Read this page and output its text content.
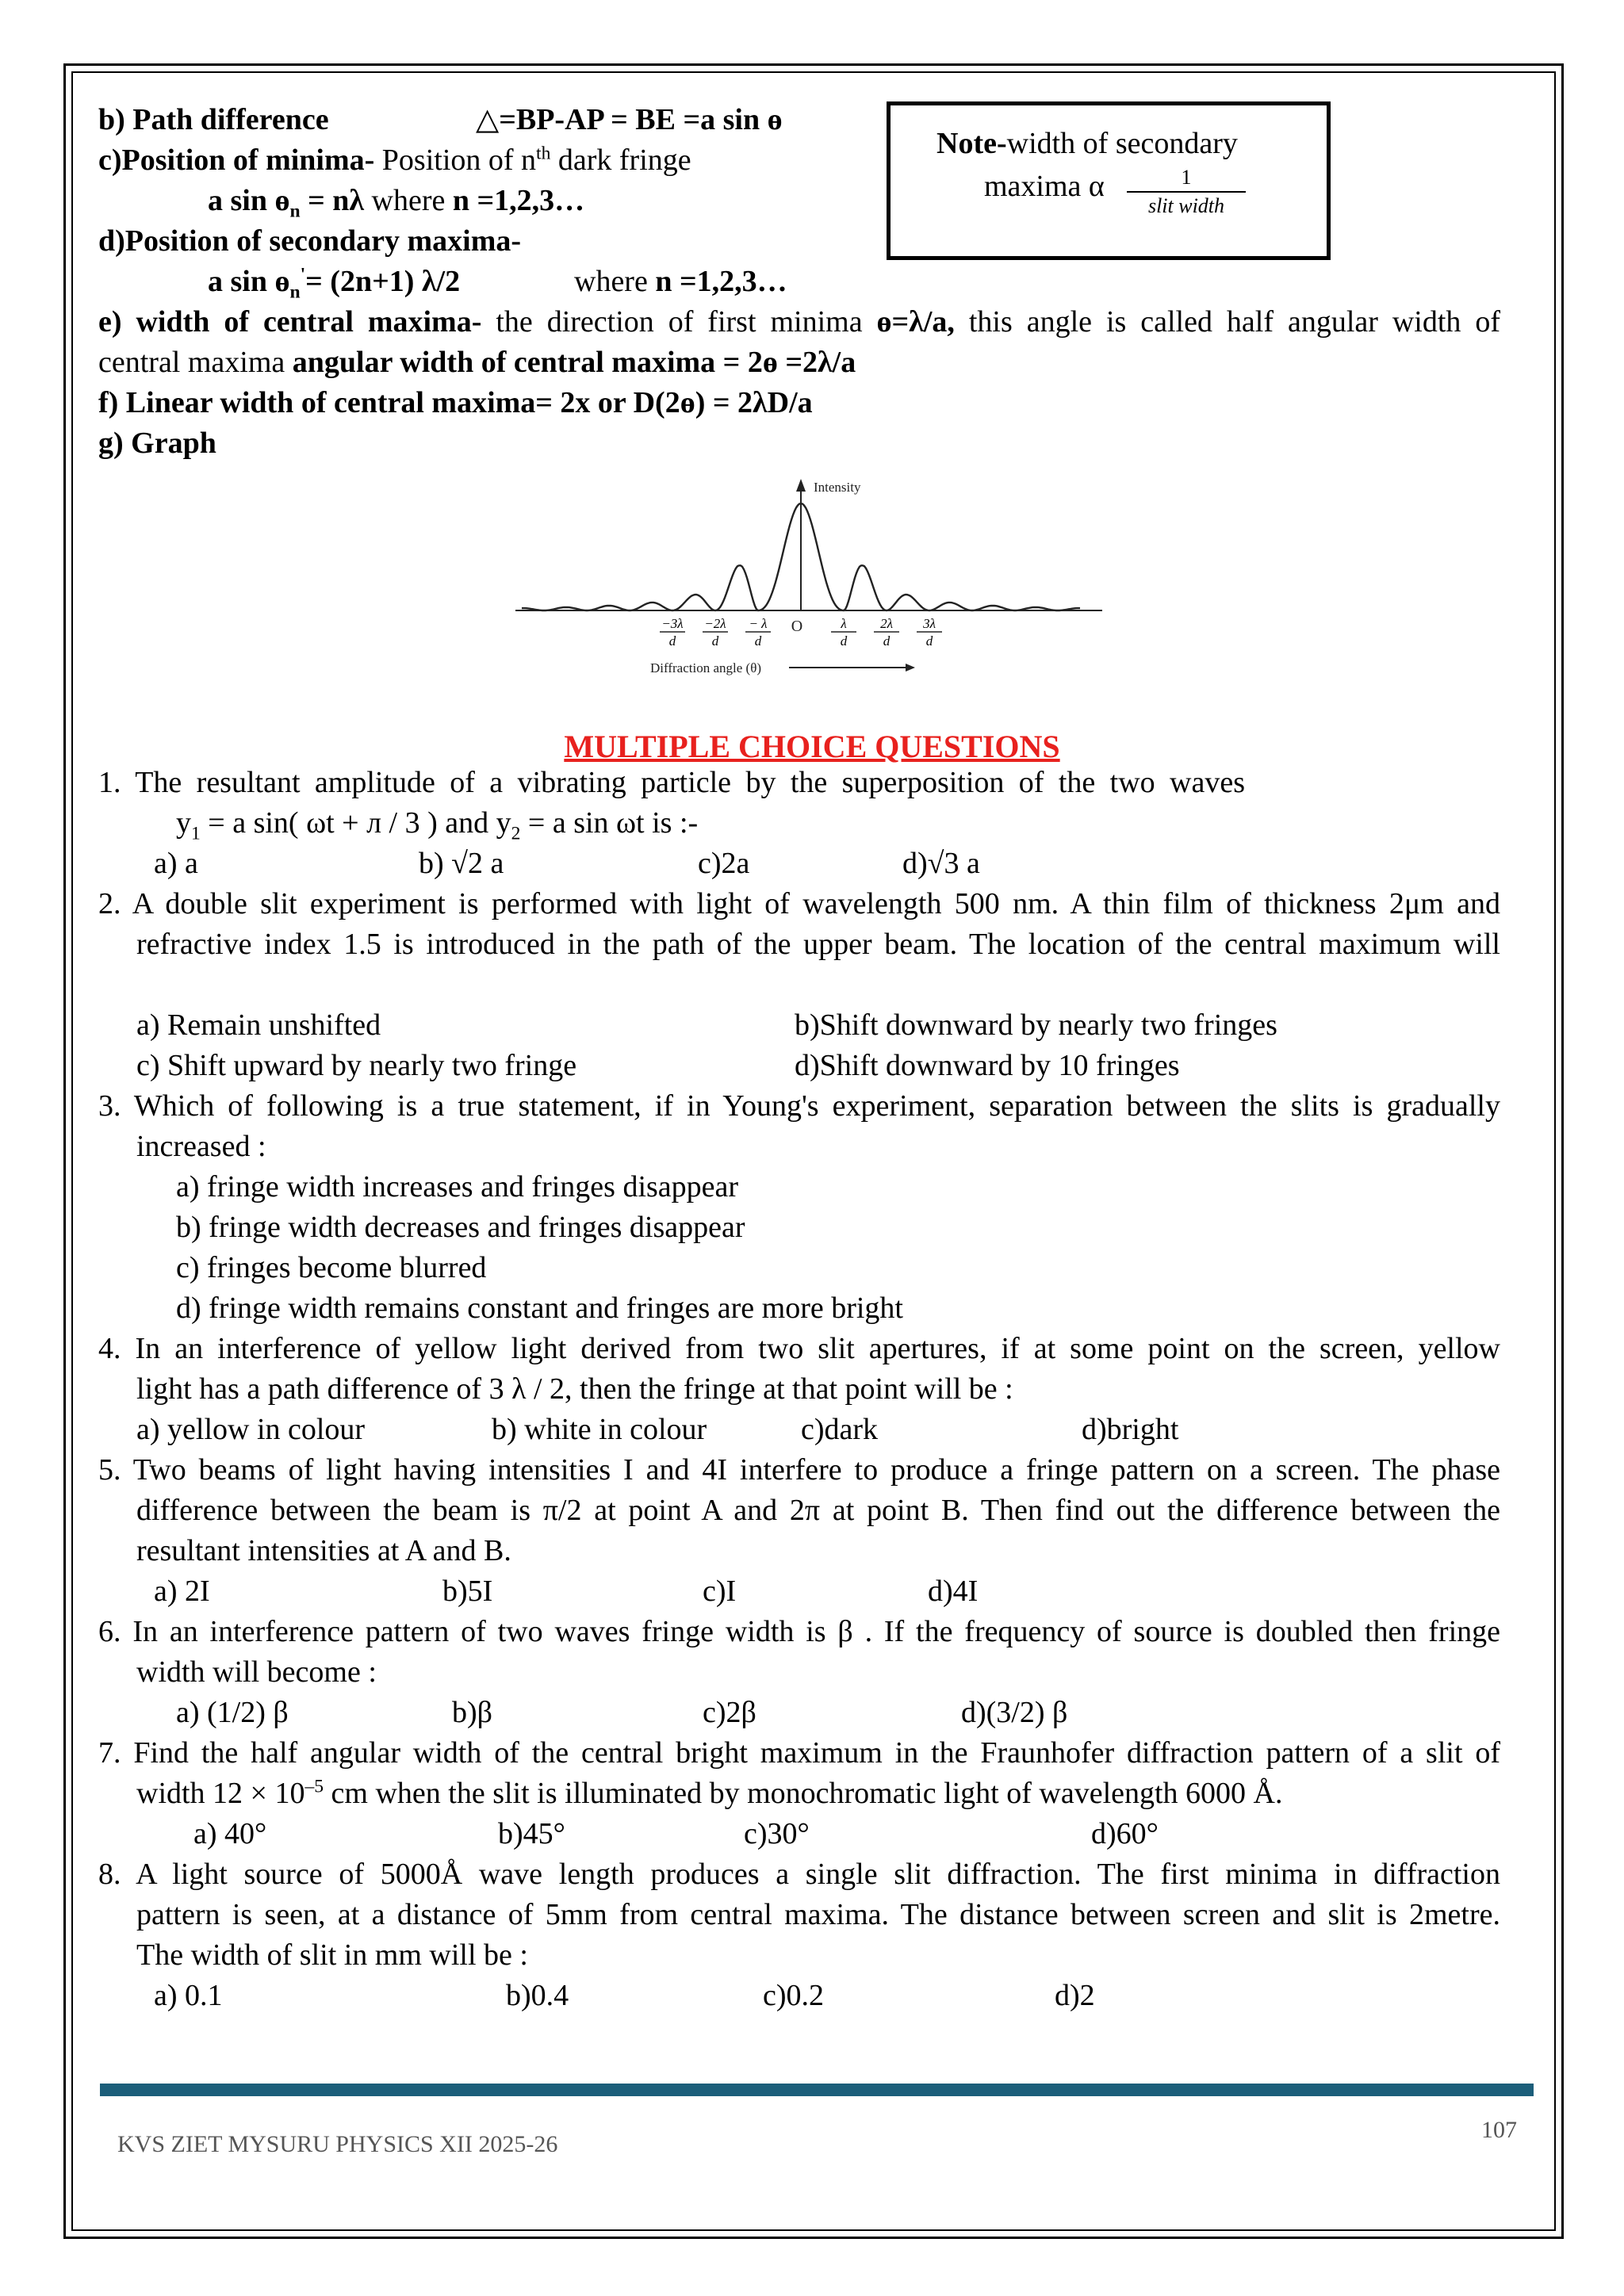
b) Path difference	△=BP-AP = BE =a sin ɵ
c)Position of minima- Position of $n^{th}$ dark fringe
a sin ɵ$_n$ = nλ where n =1,2,3…
d)Position of secondary maxima-
a sin ɵ$_n$'= (2n+1) λ/2	where n =1,2,3…
e) width of central maxima- the direction of first minima ɵ=λ/a, this angle is called half angular width of
central maxima angular width of central maxima = 2ɵ =2λ/a
f) Linear width of central maxima= 2x or D(2ɵ) = 2λD/a
g) Graph
Note-width of secondary
maxima α	1
slit width
Intensity
O
−3λ
d
−2λ
d
− λ
d
λ
d
2λ
d
3λ
d
Diffraction angle (θ)
MULTIPLE CHOICE QUESTIONS
1. The resultant amplitude of a vibrating particle by the superposition of the two waves
$y_1 = a$ sin( ωt + л / 3 ) and $y_2 = a$ sin ωt is :-
a) a	b) √2 a	c)2a	d)√3 a
2. A double slit experiment is performed with light of wavelength 500 nm. A thin film of thickness 2μm and
refractive index 1.5 is introduced in the path of the upper beam. The location of the central maximum will
a) Remain unshifted	b)Shift downward by nearly two fringes
c) Shift upward by nearly two fringe	d)Shift downward by 10 fringes
3. Which of following is a true statement, if in Young's experiment, separation between the slits is gradually
increased :
a) fringe width increases and fringes disappear
b) fringe width decreases and fringes disappear
c) fringes become blurred
d) fringe width remains constant and fringes are more bright
4. In an interference of yellow light derived from two slit apertures, if at some point on the screen, yellow
light has a path difference of 3 λ / 2, then the fringe at that point will be :
a) yellow in colour	b) white in colour	c)dark	d)bright
5. Two beams of light having intensities I and 4I interfere to produce a fringe pattern on a screen. The phase
difference between the beam is π/2 at point A and 2π at point B. Then find out the difference between the
resultant intensities at A and B.
a) 2I	b)5I	c)I	d)4I
6. In an interference pattern of two waves fringe width is β . If the frequency of source is doubled then fringe
width will become :
a) (1/2) β	b)β	c)2β	d)(3/2) β
7. Find the half angular width of the central bright maximum in the Fraunhofer diffraction pattern of a slit of
width $12 \times 10^{-5}$ cm when the slit is illuminated by monochromatic light of wavelength 6000 Å.
a) 40°	b)45°	c)30°	d)60°
8. A light source of 5000Å wave length produces a single slit diffraction. The first minima in diffraction
pattern is seen, at a distance of 5mm from central maxima. The distance between screen and slit is 2metre.
The width of slit in mm will be :
a) 0.1	b)0.4	c)0.2	d)2
KVS ZIET MYSURU PHYSICS XII 2025-26
107
